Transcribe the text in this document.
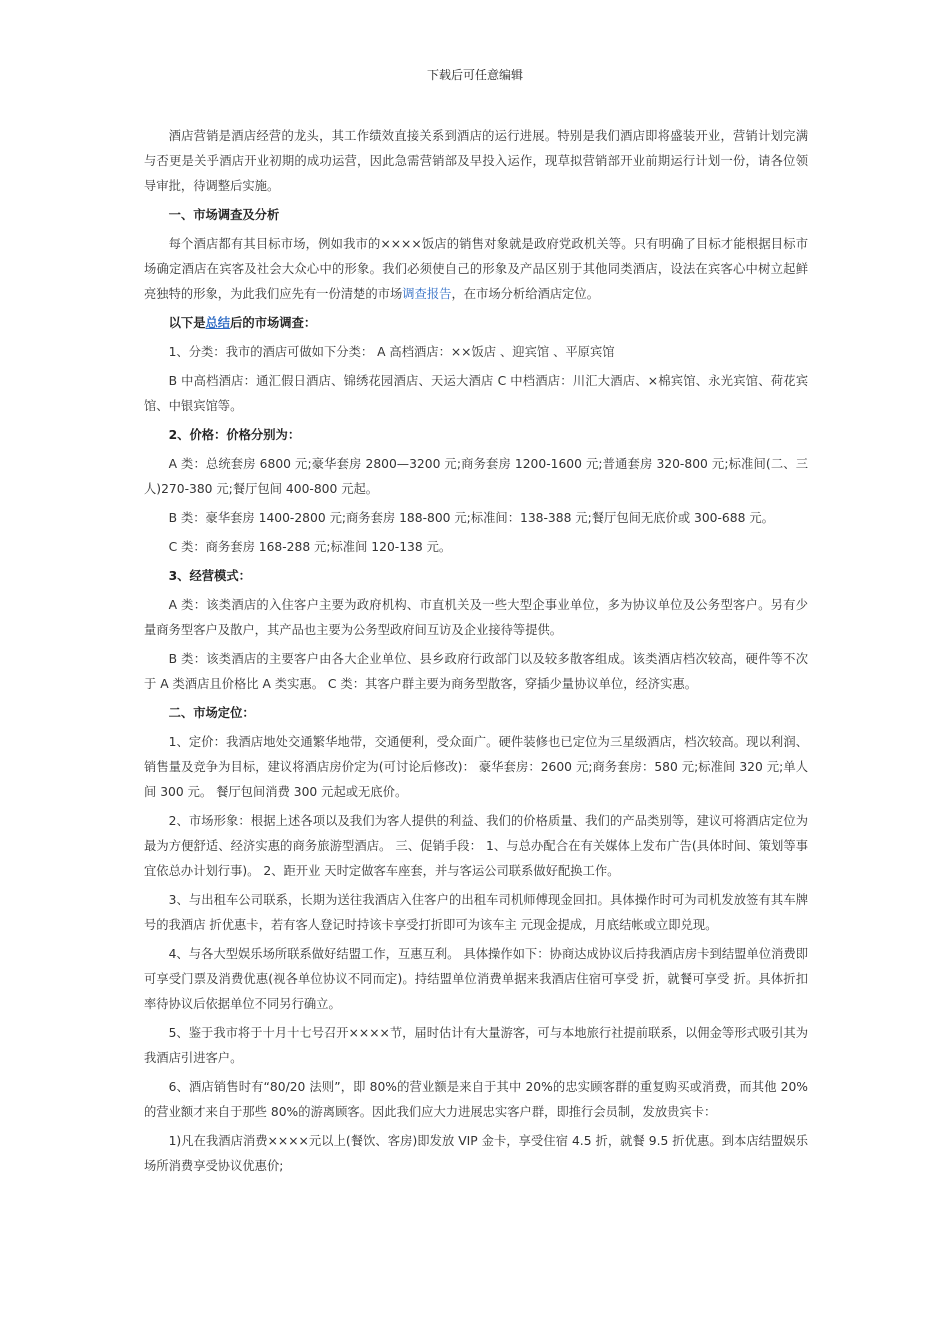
下载后可任意编辑

酒店营销是酒店经营的龙头，其工作绩效直接关系到酒店的运行进展。特别是我们酒店即将盛装开业，营销计划完满与否更是关乎酒店开业初期的成功运营，因此急需营销部及早投入运作，现草拟营销部开业前期运行计划一份，请各位领导审批，待调整后实施。

一、市场调查及分析

每个酒店都有其目标市场，例如我市的××××饭店的销售对象就是政府党政机关等。只有明确了目标才能根据目标市场确定酒店在宾客及社会大众心中的形象。我们必须使自己的形象及产品区别于其他同类酒店，设法在宾客心中树立起鲜亮独特的形象，为此我们应先有一份清楚的市场调查报告，在市场分析给酒店定位。

以下是总结后的市场调查：

1、分类：我市的酒店可做如下分类： A 高档酒店：××饭店 、迎宾馆 、平原宾馆

B 中高档酒店：通汇假日酒店、锦绣花园酒店、天运大酒店 C 中档酒店：川汇大酒店、×棉宾馆、永光宾馆、荷花宾馆、中银宾馆等。

2、价格：价格分别为：

A 类：总统套房 6800 元;豪华套房 2800—3200 元;商务套房 1200-1600 元;普通套房 320-800 元;标准间(二、三人)270-380 元;餐厅包间 400-800 元起。

B 类：豪华套房 1400-2800 元;商务套房 188-800 元;标准间：138-388 元;餐厅包间无底价或 300-688 元。

C 类：商务套房 168-288 元;标准间 120-138 元。

3、经营模式：

A 类：该类酒店的入住客户主要为政府机构、市直机关及一些大型企事业单位，多为协议单位及公务型客户。另有少量商务型客户及散户，其产品也主要为公务型政府间互访及企业接待等提供。

B 类：该类酒店的主要客户由各大企业单位、县乡政府行政部门以及较多散客组成。该类酒店档次较高，硬件等不次于 A 类酒店且价格比 A 类实惠。 C 类：其客户群主要为商务型散客，穿插少量协议单位，经济实惠。

二、市场定位：

1、定价：我酒店地处交通繁华地带，交通便利，受众面广。硬件装修也已定位为三星级酒店，档次较高。现以利润、销售量及竞争为目标，建议将酒店房价定为(可讨论后修改)： 豪华套房：2600 元;商务套房：580 元;标准间 320 元;单人间 300 元。 餐厅包间消费 300 元起或无底价。

2、市场形象：根据上述各项以及我们为客人提供的利益、我们的价格质量、我们的产品类别等，建议可将酒店定位为最为方便舒适、经济实惠的商务旅游型酒店。 三、促销手段： 1、与总办配合在有关媒体上发布广告(具体时间、策划等事宜依总办计划行事)。 2、距开业 天时定做客车座套，并与客运公司联系做好配换工作。

3、与出租车公司联系，长期为送往我酒店入住客户的出租车司机师傅现金回扣。具体操作时可为司机发放签有其车牌号的我酒店 折优惠卡，若有客人登记时持该卡享受打折即可为该车主 元现金提成，月底结帐或立即兑现。

4、与各大型娱乐场所联系做好结盟工作，互惠互利。 具体操作如下：协商达成协议后持我酒店房卡到结盟单位消费即可享受门票及消费优惠(视各单位协议不同而定)。持结盟单位消费单据来我酒店住宿可享受 折，就餐可享受 折。具体折扣率待协议后依据单位不同另行确立。

5、鉴于我市将于十月十七号召开××××节，届时估计有大量游客，可与本地旅行社提前联系，以佣金等形式吸引其为我酒店引进客户。

6、酒店销售时有“80/20 法则”，即 80%的营业额是来自于其中 20%的忠实顾客群的重复购买或消费，而其他 20%的营业额才来自于那些 80%的游离顾客。因此我们应大力进展忠实客户群，即推行会员制，发放贵宾卡：

1)凡在我酒店消费××××元以上(餐饮、客房)即发放 VIP 金卡，享受住宿 4.5 折，就餐 9.5 折优惠。到本店结盟娱乐场所消费享受协议优惠价;
